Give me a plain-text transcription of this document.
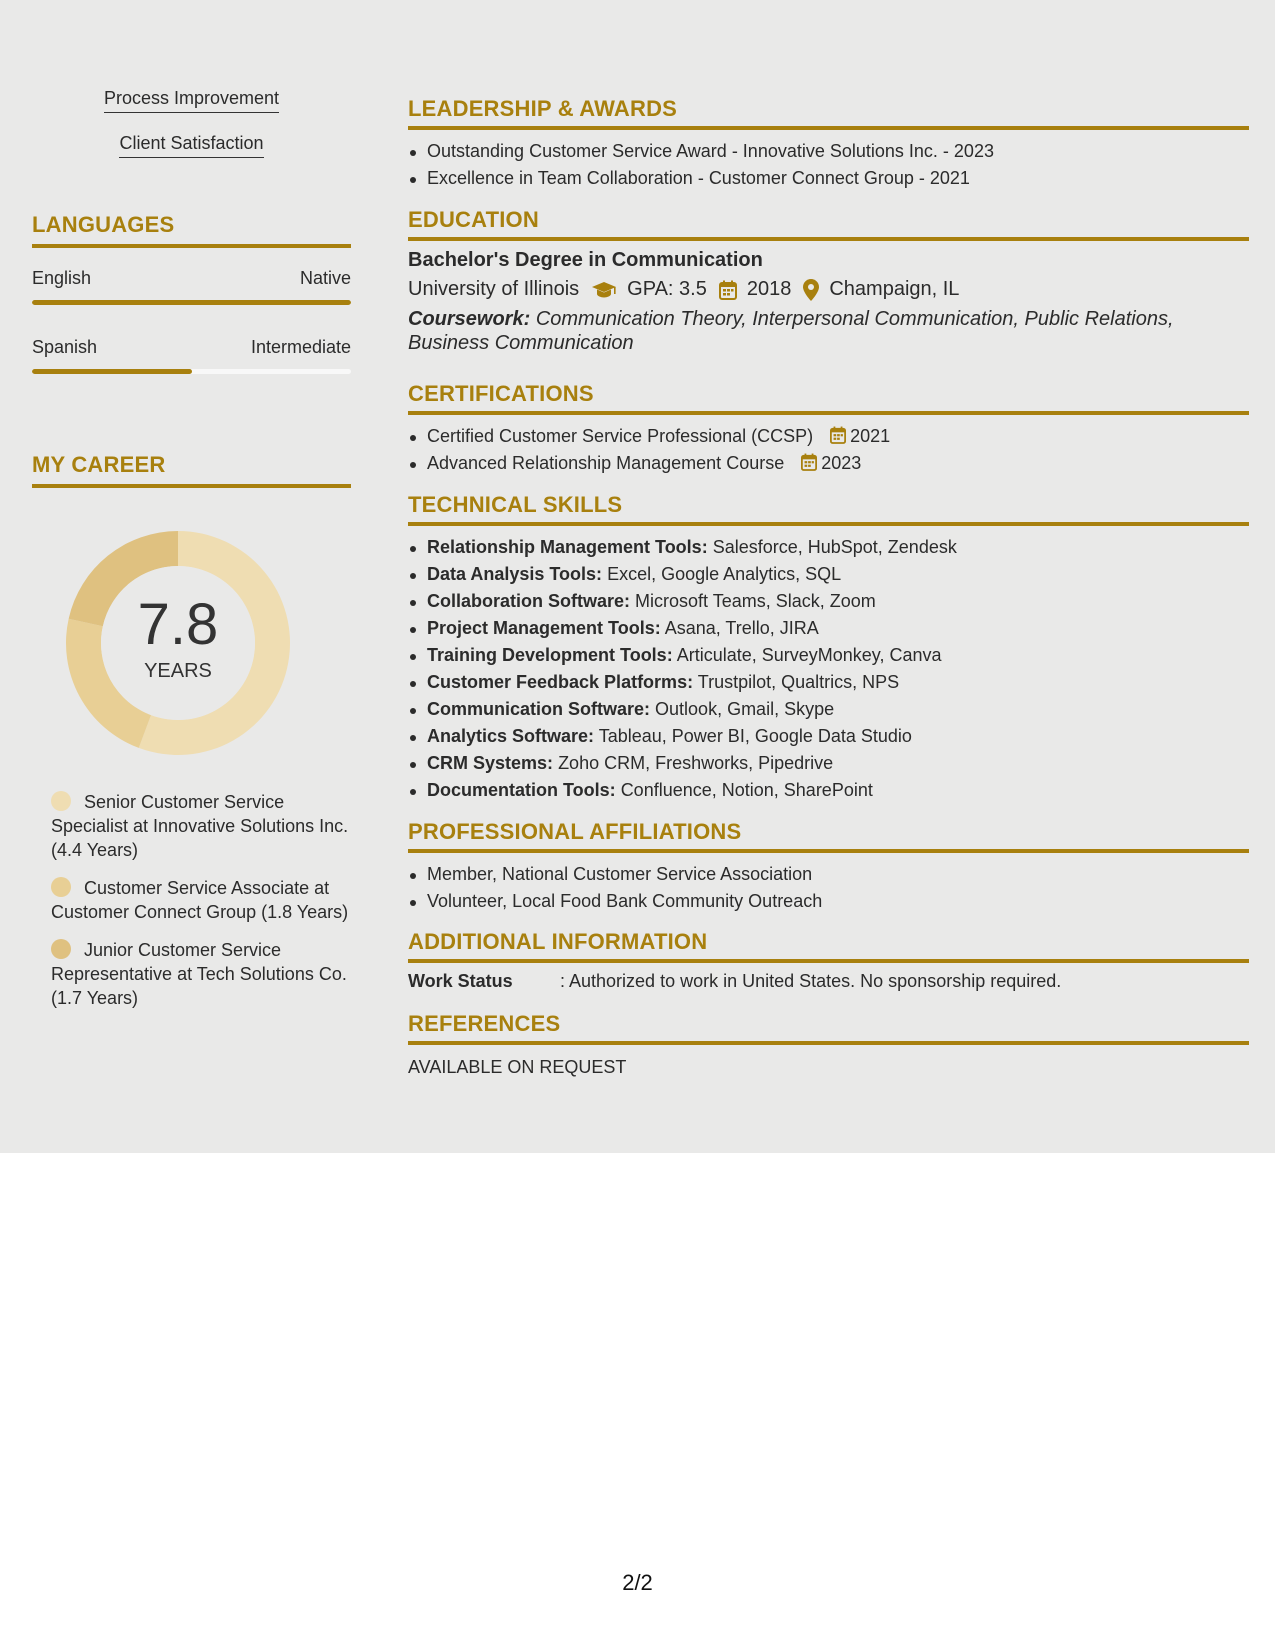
Process Improvement
Client Satisfaction
LANGUAGES
English	Native
Spanish	Intermediate
MY CAREER
7.8
YEARS
Senior Customer Service Specialist at Innovative Solutions Inc. (4.4 Years)
Customer Service Associate at Customer Connect Group (1.8 Years)
Junior Customer Service Representative at Tech Solutions Co. (1.7 Years)
LEADERSHIP & AWARDS
Outstanding Customer Service Award - Innovative Solutions Inc. - 2023
Excellence in Team Collaboration - Customer Connect Group - 2021
EDUCATION
Bachelor's Degree in Communication
University of Illinois GPA: 3.5 2018 Champaign, IL
Coursework: Communication Theory, Interpersonal Communication, Public Relations, Business Communication
CERTIFICATIONS
Certified Customer Service Professional (CCSP) 2021
Advanced Relationship Management Course 2023
TECHNICAL SKILLS
Relationship Management Tools: Salesforce, HubSpot, Zendesk
Data Analysis Tools: Excel, Google Analytics, SQL
Collaboration Software: Microsoft Teams, Slack, Zoom
Project Management Tools: Asana, Trello, JIRA
Training Development Tools: Articulate, SurveyMonkey, Canva
Customer Feedback Platforms: Trustpilot, Qualtrics, NPS
Communication Software: Outlook, Gmail, Skype
Analytics Software: Tableau, Power BI, Google Data Studio
CRM Systems: Zoho CRM, Freshworks, Pipedrive
Documentation Tools: Confluence, Notion, SharePoint
PROFESSIONAL AFFILIATIONS
Member, National Customer Service Association
Volunteer, Local Food Bank Community Outreach
ADDITIONAL INFORMATION
Work Status	: Authorized to work in United States. No sponsorship required.
REFERENCES
AVAILABLE ON REQUEST
2/2
